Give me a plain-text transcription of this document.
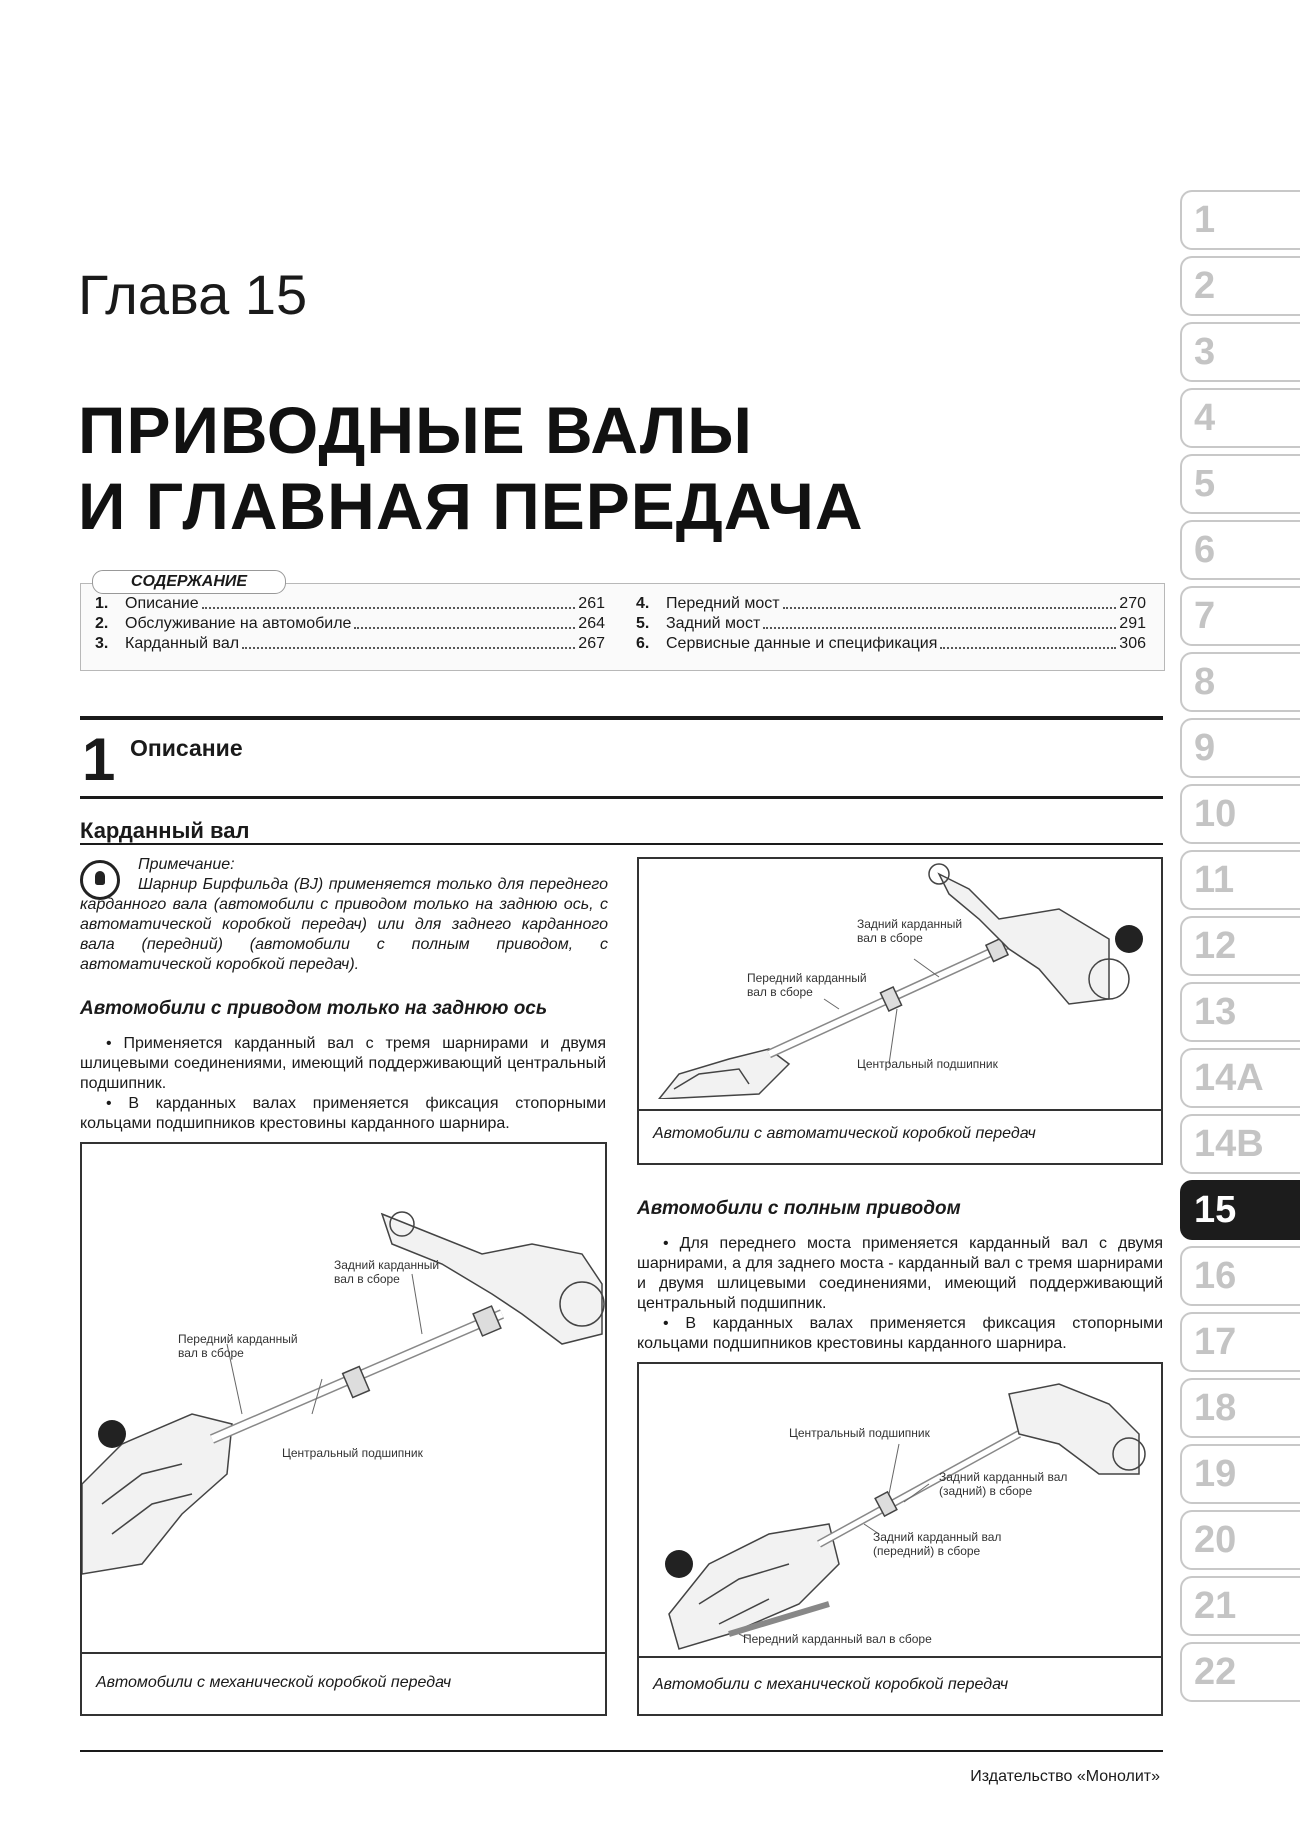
1
2
3
4
5
6
7
8
9
10
11
12
13
14A
14B
15
16
17
18
19
20
21
22
Глава 15
ПРИВОДНЫЕ ВАЛЫ
И ГЛАВНАЯ ПЕРЕДАЧА
1.	Описание	261
2.	Обслуживание на автомобиле	264
3.	Карданный вал	267
4.	Передний мост	270
5.	Задний мост	291
6.	Сервисные данные и спецификация	306
СОДЕРЖАНИЕ
1 Описание
Карданный вал
Примечание:
Шарнир Бирфильда (BJ) применяется только для переднего карданного вала (автомобили с приводом только на заднюю ось, с автоматической коробкой передач) или для заднего карданного вала (передний) (автомобили с полным приводом, с автоматической коробкой передач).
Автомобили с приводом только на заднюю ось
• Применяется карданный вал с тремя шарнирами и двумя шлицевыми соединениями, имеющий поддерживающий центральный подшипник.
• В карданных валах применяется фиксация стопорными кольцами подшипников крестовины карданного шарнира.
Задний карданный вал в сборе
Передний карданный вал в сборе
Центральный подшипник
Автомобили с автоматической коробкой передач
Задний карданный вал в сборе
Передний карданный вал в сборе
Центральный подшипник
Автомобили с механической коробкой передач
Автомобили с полным приводом
• Для переднего моста применяется карданный вал с двумя шарнирами, а для заднего моста - карданный вал с тремя шарнирами и двумя шлицевыми соединениями, имеющий поддерживающий центральный подшипник.
• В карданных валах применяется фиксация стопорными кольцами подшипников крестовины карданного шарнира.
Центральный подшипник
Задний карданный вал (задний) в сборе
Задний карданный вал (передний) в сборе
Передний карданный вал в сборе
Автомобили с механической коробкой передач
Издательство «Монолит»
